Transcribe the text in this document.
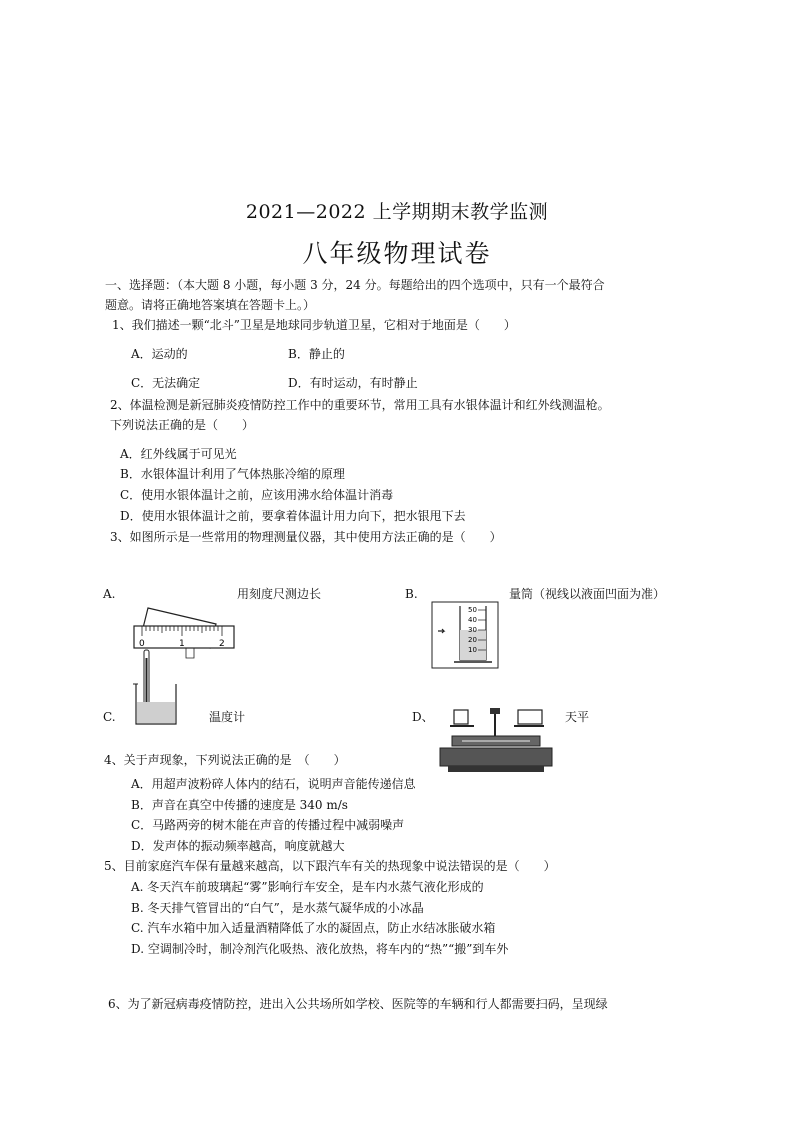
2021—2022 上学期期末教学监测
八年级物理试卷
一、选择题：（本大题 8 小题，每小题 3 分，24 分。每题给出的四个选项中，只有一个最符合
题意。请将正确地答案填在答题卡上。）
1、我们描述一颗“北斗”卫星是地球同步轨道卫星，它相对于地面是（　　）
A．运动的	B．静止的
C．无法确定	D．有时运动，有时静止
2、体温检测是新冠肺炎疫情防控工作中的重要环节，常用工具有水银体温计和红外线测温枪。
下列说法正确的是（　　）
A．红外线属于可见光
B．水银体温计利用了气体热胀冷缩的原理
C．使用水银体温计之前，应该用沸水给体温计消毒
D．使用水银体温计之前，要拿着体温计用力向下，把水银甩下去
3、如图所示是一些常用的物理测量仪器，其中使用方法正确的是（　　）
A.	用刻度尺测边长	B.	量筒（视线以液面凹面为准）
0	1	2
50
40
30
20
10
C.	温度计	D、	天平
4、关于声现象，下列说法正确的是　（　　）
A．用超声波粉碎人体内的结石，说明声音能传递信息
B．声音在真空中传播的速度是 340 m/s
C．马路两旁的树木能在声音的传播过程中减弱噪声
D．发声体的振动频率越高，响度就越大
5、目前家庭汽车保有量越来越高，以下跟汽车有关的热现象中说法错误的是（　　）
A. 冬天汽车前玻璃起“雾”影响行车安全，是车内水蒸气液化形成的
B. 冬天排气管冒出的“白气”，是水蒸气凝华成的小冰晶
C. 汽车水箱中加入适量酒精降低了水的凝固点，防止水结冰胀破水箱
D. 空调制冷时，制冷剂汽化吸热、液化放热，将车内的“热”“搬”到车外
6、为了新冠病毒疫情防控，进出入公共场所如学校、医院等的车辆和行人都需要扫码，呈现绿
